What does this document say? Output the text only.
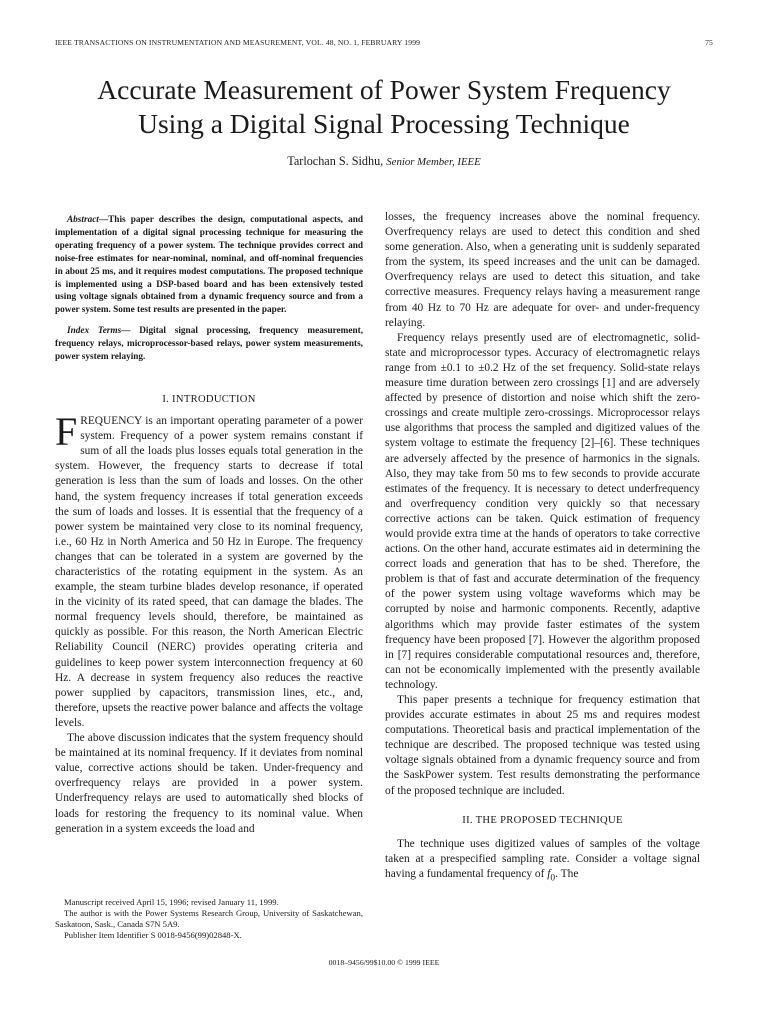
IEEE TRANSACTIONS ON INSTRUMENTATION AND MEASUREMENT, VOL. 48, NO. 1, FEBRUARY 1999	75
Accurate Measurement of Power System Frequency
Using a Digital Signal Processing Technique
Tarlochan S. Sidhu, Senior Member, IEEE

Abstract—This paper describes the design, computational aspects, and implementation of a digital signal processing technique for measuring the operating frequency of a power system. The technique provides correct and noise-free estimates for near-nominal, nominal, and off-nominal frequencies in about 25 ms, and it requires modest computations. The proposed technique is implemented using a DSP-based board and has been extensively tested using voltage signals obtained from a dynamic frequency source and from a power system. Some test results are presented in the paper.

Index Terms— Digital signal processing, frequency measurement, frequency relays, microprocessor-based relays, power system measurements, power system relaying.

I. INTRODUCTION

FREQUENCY is an important operating parameter of a power system. Frequency of a power system remains constant if sum of all the loads plus losses equals total generation in the system. However, the frequency starts to decrease if total generation is less than the sum of loads and losses. On the other hand, the system frequency increases if total generation exceeds the sum of loads and losses. It is essential that the frequency of a power system be maintained very close to its nominal frequency, i.e., 60 Hz in North America and 50 Hz in Europe. The frequency changes that can be tolerated in a system are governed by the characteristics of the rotating equipment in the system. As an example, the steam turbine blades develop resonance, if operated in the vicinity of its rated speed, that can damage the blades. The normal frequency levels should, therefore, be maintained as quickly as possible. For this reason, the North American Electric Reliability Council (NERC) provides operating criteria and guidelines to keep power system interconnection frequency at 60 Hz. A decrease in system frequency also reduces the reactive power supplied by capacitors, transmission lines, etc., and, therefore, upsets the reactive power balance and affects the voltage levels.

The above discussion indicates that the system frequency should be maintained at its nominal frequency. If it deviates from nominal value, corrective actions should be taken. Under-frequency and overfrequency relays are provided in a power system. Underfrequency relays are used to automatically shed blocks of loads for restoring the frequency to its nominal value. When generation in a system exceeds the load and

losses, the frequency increases above the nominal frequency. Overfrequency relays are used to detect this condition and shed some generation. Also, when a generating unit is suddenly separated from the system, its speed increases and the unit can be damaged. Overfrequency relays are used to detect this situation, and take corrective measures. Frequency relays having a measurement range from 40 Hz to 70 Hz are adequate for over- and under-frequency relaying.

Frequency relays presently used are of electromagnetic, solid-state and microprocessor types. Accuracy of electromagnetic relays range from ±0.1 to ±0.2 Hz of the set frequency. Solid-state relays measure time duration between zero crossings [1] and are adversely affected by presence of distortion and noise which shift the zero-crossings and create multiple zero-crossings. Microprocessor relays use algorithms that process the sampled and digitized values of the system voltage to estimate the frequency [2]–[6]. These techniques are adversely affected by the presence of harmonics in the signals. Also, they may take from 50 ms to few seconds to provide accurate estimates of the frequency. It is necessary to detect underfrequency and overfrequency condition very quickly so that necessary corrective actions can be taken. Quick estimation of frequency would provide extra time at the hands of operators to take corrective actions. On the other hand, accurate estimates aid in determining the correct loads and generation that has to be shed. Therefore, the problem is that of fast and accurate determination of the frequency of the power system using voltage waveforms which may be corrupted by noise and harmonic components. Recently, adaptive algorithms which may provide faster estimates of the system frequency have been proposed [7]. However the algorithm proposed in [7] requires considerable computational resources and, therefore, can not be economically implemented with the presently available technology.

This paper presents a technique for frequency estimation that provides accurate estimates in about 25 ms and requires modest computations. Theoretical basis and practical implementation of the technique are described. The proposed technique was tested using voltage signals obtained from a dynamic frequency source and from the SaskPower system. Test results demonstrating the performance of the proposed technique are included.

II. THE PROPOSED TECHNIQUE

The technique uses digitized values of samples of the voltage taken at a prespecified sampling rate. Consider a voltage signal having a fundamental frequency of $f_0$. The

Manuscript received April 15, 1996; revised January 11, 1999.

The author is with the Power Systems Research Group, University of Saskatchewan, Saskatoon, Sask., Canada S7N 5A9.

Publisher Item Identifier S 0018-9456(99)02848-X.

0018–9456/99$10.00 © 1999 IEEE
